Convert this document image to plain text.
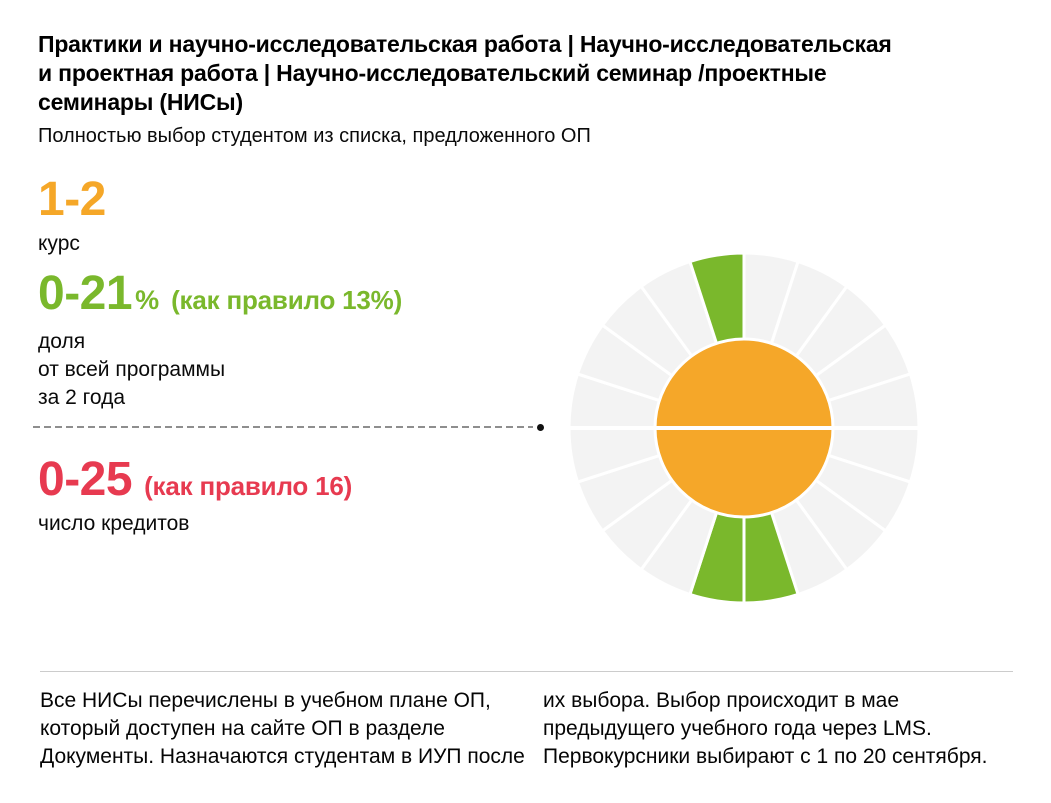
Практики и научно-исследовательская работа | Научно-исследовательская
и проектная работа | Научно-исследовательский семинар /проектные
семинары (НИСы)
Полностью выбор студентом из списка, предложенного ОП
1-2
курс
0-21 % (как правило 13%)
доля
от всей программы
за 2 года
0-25 (как правило 16)
число кредитов
Все НИСы перечислены в учебном плане ОП,
который доступен на сайте ОП в разделе
Документы. Назначаются студентам в ИУП после
их выбора. Выбор происходит в мае
предыдущего учебного года через LMS.
Первокурсники выбирают с 1 по 20 сентября.
